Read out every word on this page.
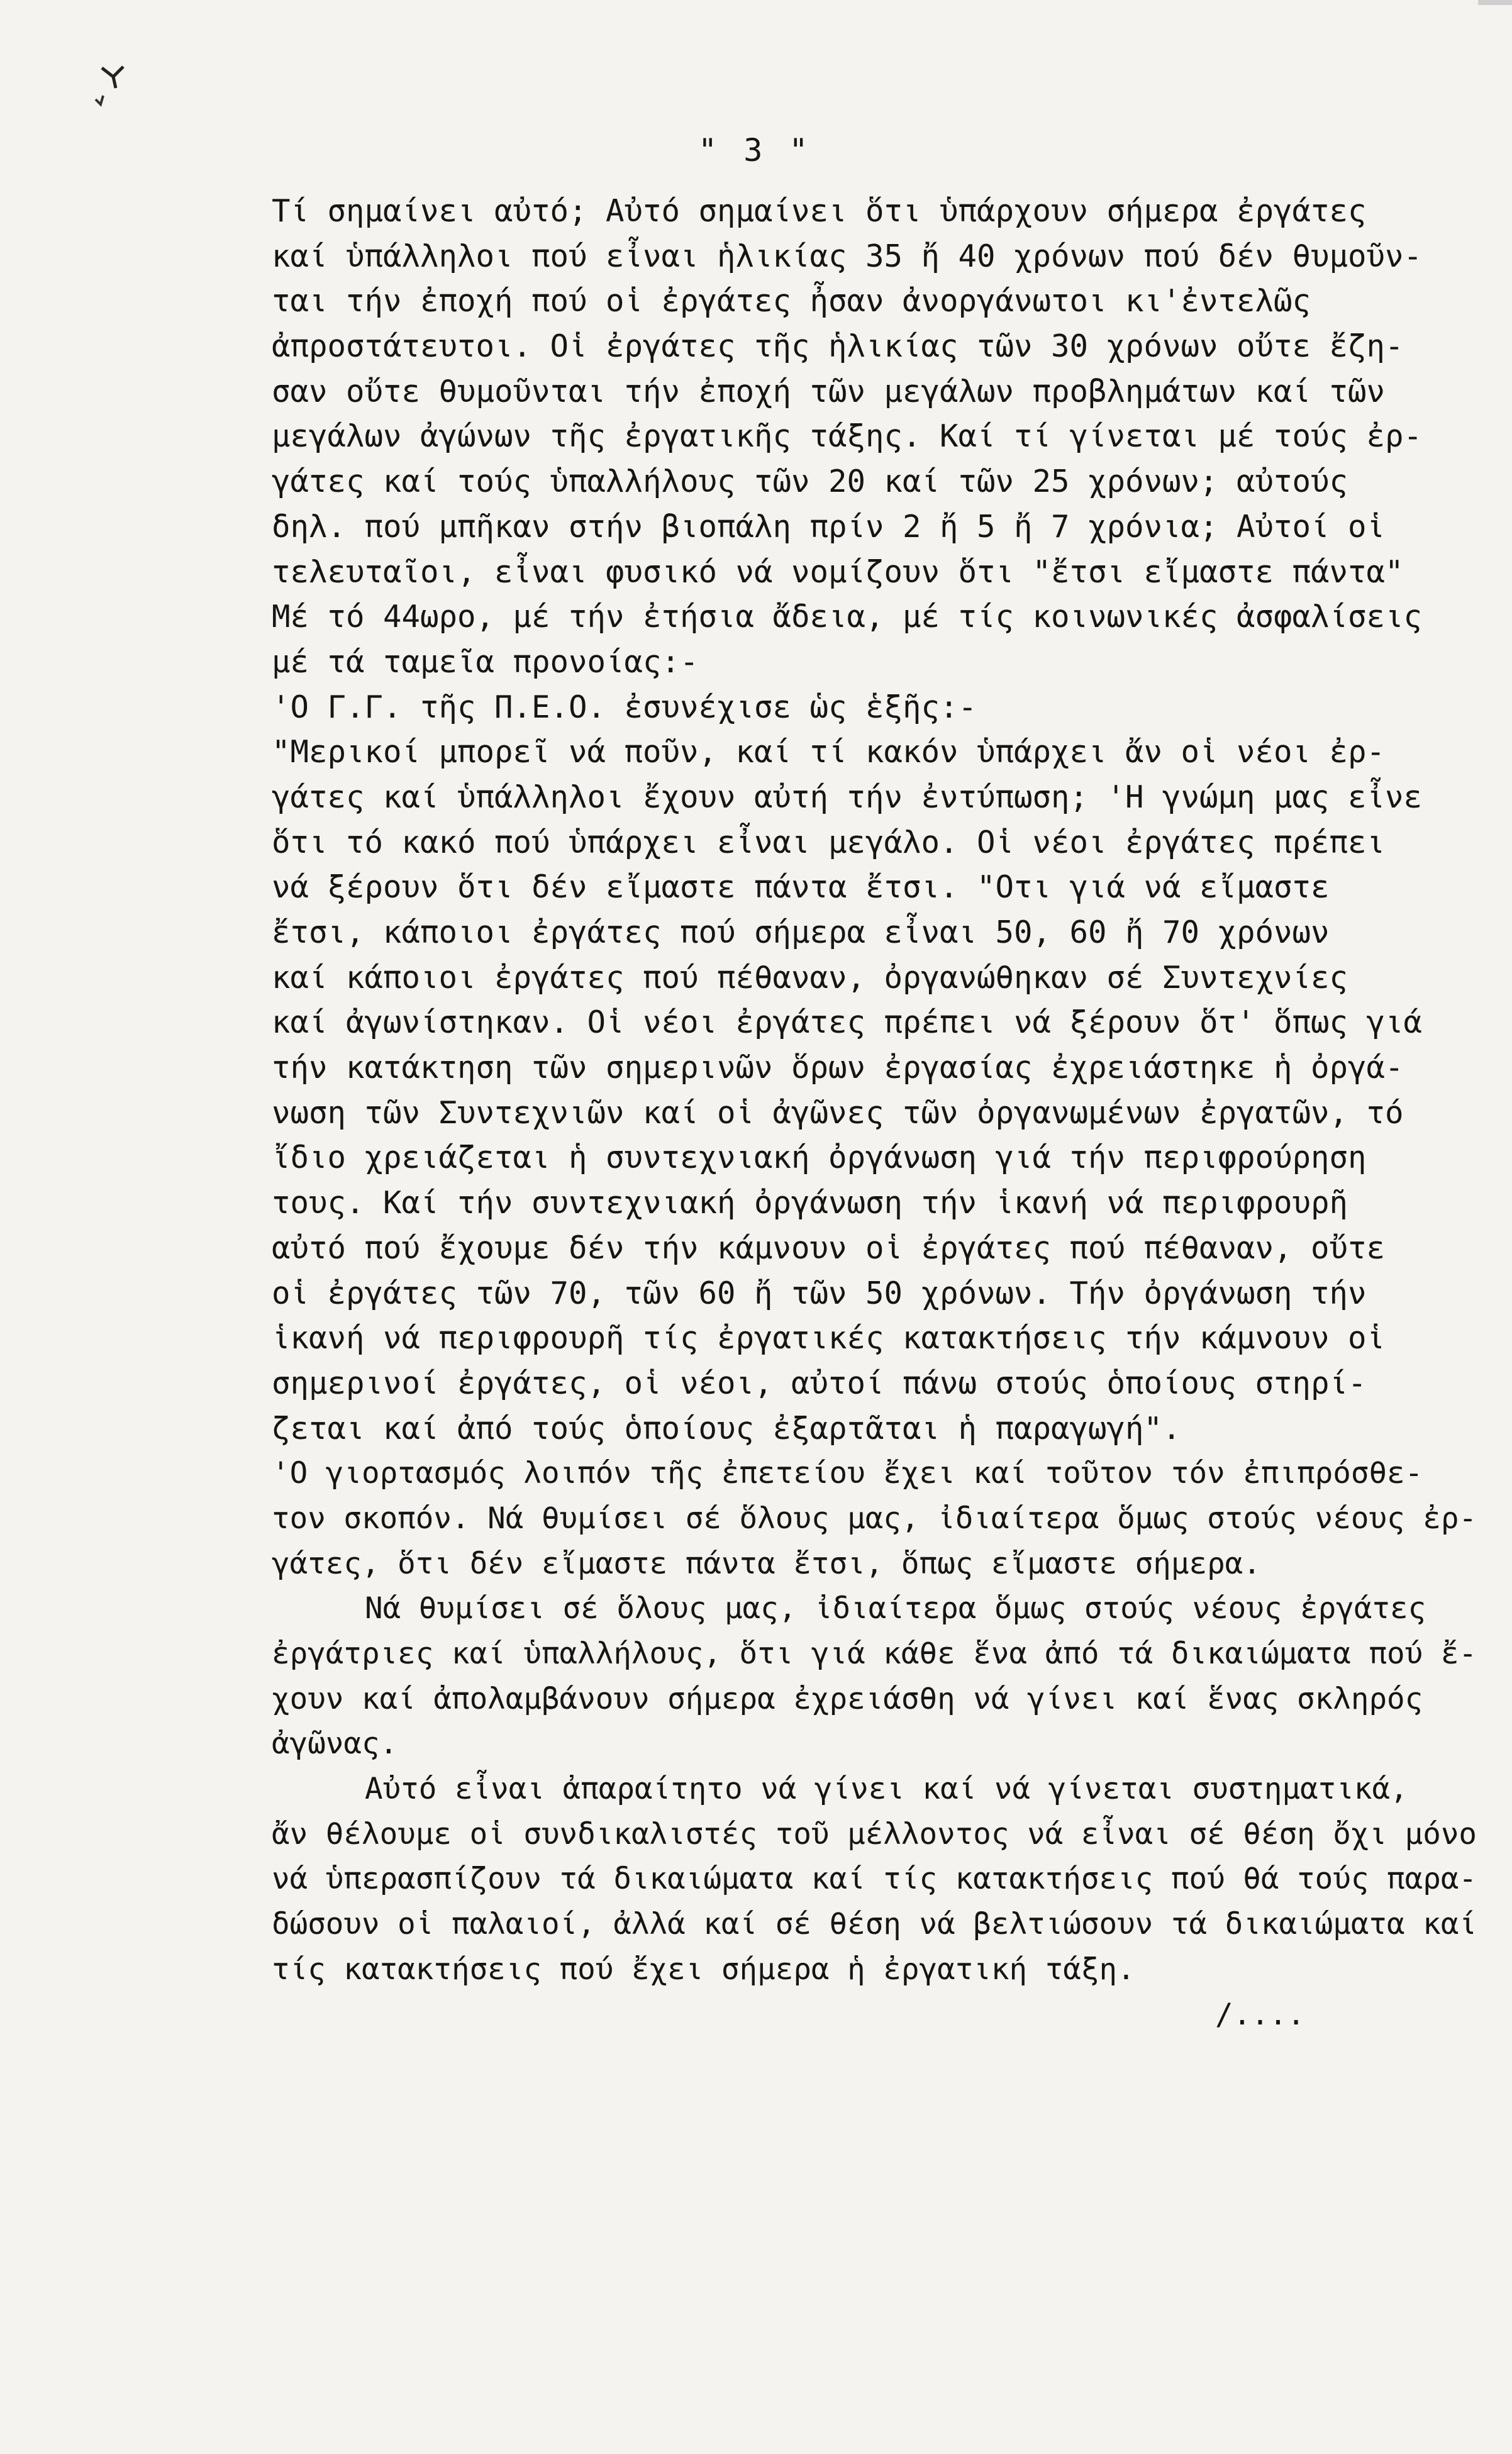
" 3 "
Τί σημαίνει αὐτό; Αὐτό σημαίνει ὅτι ὑπάρχουν σήμερα ἐργάτες
καί ὑπάλληλοι πού εἶναι ἡλικίας 35 ἤ 40 χρόνων πού δέν θυμοῦν-
ται τήν ἐποχή πού οἱ ἐργάτες ἦσαν ἀνοργάνωτοι κι'ἐντελῶς
ἀπροστάτευτοι. Οἱ ἐργάτες τῆς ἡλικίας τῶν 30 χρόνων οὔτε ἔζη-
σαν οὔτε θυμοῦνται τήν ἐποχή τῶν μεγάλων προβλημάτων καί τῶν
μεγάλων ἀγώνων τῆς ἐργατικῆς τάξης. Καί τί γίνεται μέ τούς ἐρ-
γάτες καί τούς ὑπαλλήλους τῶν 20 καί τῶν 25 χρόνων; αὐτούς
δηλ. πού μπῆκαν στήν βιοπάλη πρίν 2 ἤ 5 ἤ 7 χρόνια; Αὐτοί οἱ
τελευταῖοι, εἶναι φυσικό νά νομίζουν ὅτι "ἔτσι εἴμαστε πάντα"
Μέ τό 44ωρο, μέ τήν ἐτήσια ἄδεια, μέ τίς κοινωνικές ἀσφαλίσεις
μέ τά ταμεῖα προνοίας:-
'Ο Γ.Γ. τῆς Π.Ε.Ο. ἐσυνέχισε ὡς ἑξῆς:-
"Μερικοί μπορεῖ νά ποῦν, καί τί κακόν ὑπάρχει ἄν οἱ νέοι ἐρ-
γάτες καί ὑπάλληλοι ἔχουν αὐτή τήν ἐντύπωση; 'Η γνώμη μας εἶνε
ὅτι τό κακό πού ὑπάρχει εἶναι μεγάλο. Οἱ νέοι ἐργάτες πρέπει
νά ξέρουν ὅτι δέν εἴμαστε πάντα ἔτσι. "Οτι γιά νά εἴμαστε
ἔτσι, κάποιοι ἐργάτες πού σήμερα εἶναι 50, 60 ἤ 70 χρόνων
καί κάποιοι ἐργάτες πού πέθαναν, ὀργανώθηκαν σέ Συντεχνίες
καί ἀγωνίστηκαν. Οἱ νέοι ἐργάτες πρέπει νά ξέρουν ὅτ' ὅπως γιά
τήν κατάκτηση τῶν σημερινῶν ὅρων ἐργασίας ἐχρειάστηκε ἡ ὀργά-
νωση τῶν Συντεχνιῶν καί οἱ ἀγῶνες τῶν ὀργανωμένων ἐργατῶν, τό
ἴδιο χρειάζεται ἡ συντεχνιακή ὀργάνωση γιά τήν περιφρούρηση
τους. Καί τήν συντεχνιακή ὀργάνωση τήν ἱκανή νά περιφρουρῆ
αὐτό πού ἔχουμε δέν τήν κάμνουν οἱ ἐργάτες πού πέθαναν, οὔτε
οἱ ἐργάτες τῶν 70, τῶν 60 ἤ τῶν 50 χρόνων. Τήν ὀργάνωση τήν
ἱκανή νά περιφρουρῆ τίς ἐργατικές κατακτήσεις τήν κάμνουν οἱ
σημερινοί ἐργάτες, οἱ νέοι, αὐτοί πάνω στούς ὁποίους στηρί-
ζεται καί ἀπό τούς ὁποίους ἐξαρτᾶται ἡ παραγωγή".
'Ο γιορτασμός λοιπόν τῆς ἐπετείου ἔχει καί τοῦτον τόν ἐπιπρόσθε-
τον σκοπόν. Νά θυμίσει σέ ὅλους μας, ἰδιαίτερα ὅμως στούς νέους ἐρ-
γάτες, ὅτι δέν εἴμαστε πάντα ἔτσι, ὅπως εἴμαστε σήμερα.
Νά θυμίσει σέ ὅλους μας, ἰδιαίτερα ὅμως στούς νέους ἐργάτες
ἐργάτριες καί ὑπαλλήλους, ὅτι γιά κάθε ἕνα ἀπό τά δικαιώματα πού ἔ-
χουν καί ἀπολαμβάνουν σήμερα ἐχρειάσθη νά γίνει καί ἕνας σκληρός
ἀγῶνας.
Αὐτό εἶναι ἀπαραίτητο νά γίνει καί νά γίνεται συστηματικά,
ἄν θέλουμε οἱ συνδικαλιστές τοῦ μέλλοντος νά εἶναι σέ θέση ὄχι μόνο
νά ὑπερασπίζουν τά δικαιώματα καί τίς κατακτήσεις πού θά τούς παρα-
δώσουν οἱ παλαιοί, ἀλλά καί σέ θέση νά βελτιώσουν τά δικαιώματα καί
τίς κατακτήσεις πού ἔχει σήμερα ἡ ἐργατική τάξη.
/....
